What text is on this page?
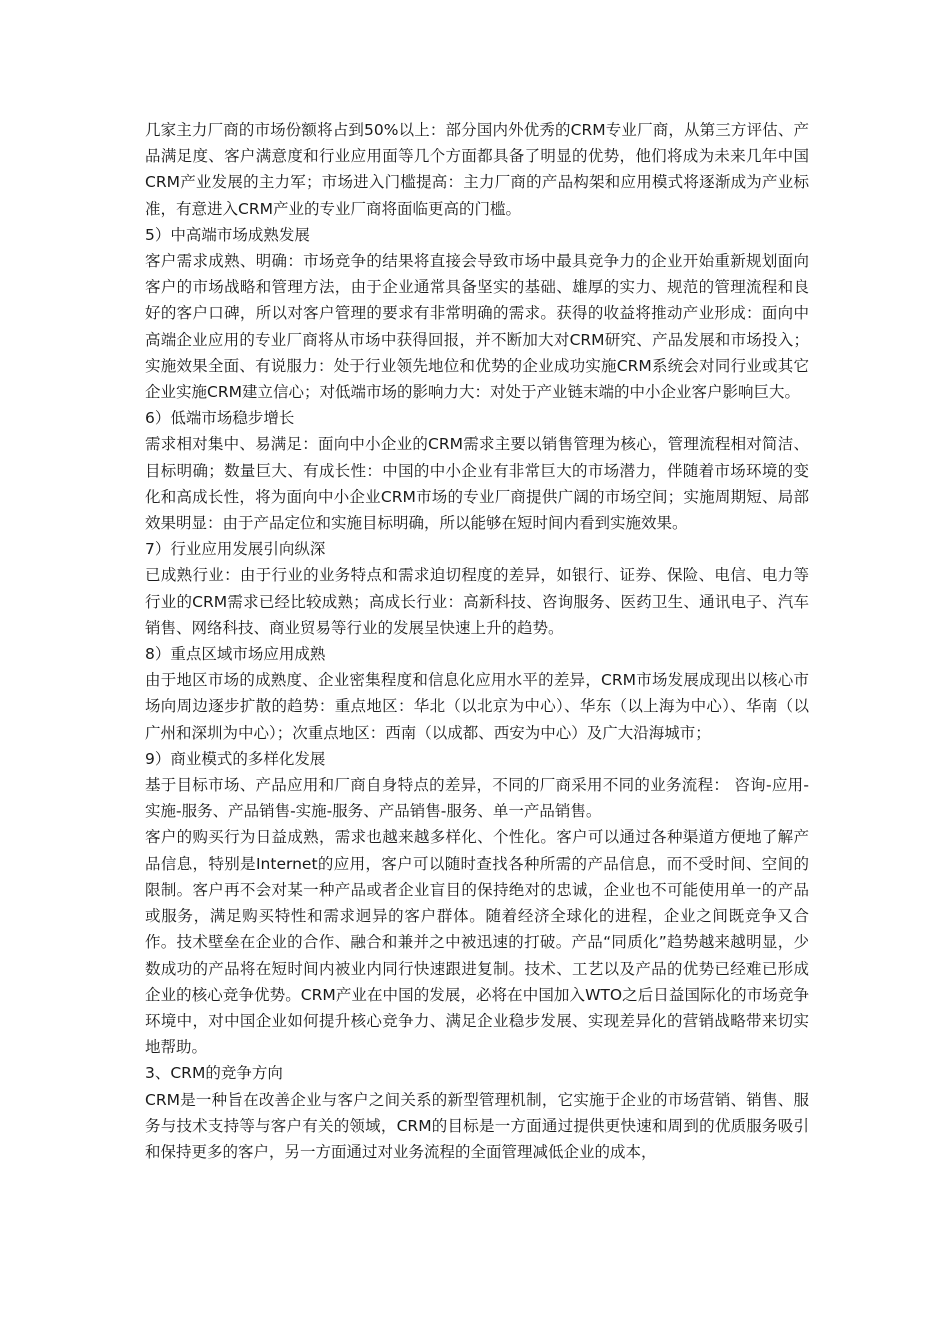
几家主力厂商的市场份额将占到50%以上：部分国内外优秀的CRM专业厂商，从第三方评估、产品满足度、客户满意度和行业应用面等几个方面都具备了明显的优势，他们将成为未来几年中国CRM产业发展的主力军；市场进入门槛提高：主力厂商的产品构架和应用模式将逐渐成为产业标准，有意进入CRM产业的专业厂商将面临更高的门槛。

5）中高端市场成熟发展

客户需求成熟、明确：市场竞争的结果将直接会导致市场中最具竞争力的企业开始重新规划面向客户的市场战略和管理方法，由于企业通常具备坚实的基础、雄厚的实力、规范的管理流程和良好的客户口碑，所以对客户管理的要求有非常明确的需求。获得的收益将推动产业形成：面向中高端企业应用的专业厂商将从市场中获得回报，并不断加大对CRM研究、产品发展和市场投入；实施效果全面、有说服力：处于行业领先地位和优势的企业成功实施CRM系统会对同行业或其它企业实施CRM建立信心；对低端市场的影响力大：对处于产业链末端的中小企业客户影响巨大。

6）低端市场稳步增长

需求相对集中、易满足：面向中小企业的CRM需求主要以销售管理为核心，管理流程相对简洁、目标明确；数量巨大、有成长性：中国的中小企业有非常巨大的市场潜力，伴随着市场环境的变化和高成长性，将为面向中小企业CRM市场的专业厂商提供广阔的市场空间；实施周期短、局部效果明显：由于产品定位和实施目标明确，所以能够在短时间内看到实施效果。

7）行业应用发展引向纵深

已成熟行业：由于行业的业务特点和需求迫切程度的差异，如银行、证券、保险、电信、电力等行业的CRM需求已经比较成熟；高成长行业：高新科技、咨询服务、医药卫生、通讯电子、汽车销售、网络科技、商业贸易等行业的发展呈快速上升的趋势。

8）重点区域市场应用成熟

由于地区市场的成熟度、企业密集程度和信息化应用水平的差异，CRM市场发展成现出以核心市场向周边逐步扩散的趋势：重点地区：华北（以北京为中心）、华东（以上海为中心）、华南（以广州和深圳为中心）；次重点地区：西南（以成都、西安为中心）及广大沿海城市；

9）商业模式的多样化发展

基于目标市场、产品应用和厂商自身特点的差异，不同的厂商采用不同的业务流程： 咨询-应用-实施-服务、产品销售-实施-服务、产品销售-服务、单一产品销售。

客户的购买行为日益成熟，需求也越来越多样化、个性化。客户可以通过各种渠道方便地了解产品信息，特别是Internet的应用，客户可以随时查找各种所需的产品信息，而不受时间、空间的限制。客户再不会对某一种产品或者企业盲目的保持绝对的忠诚，企业也不可能使用单一的产品或服务，满足购买特性和需求迥异的客户群体。随着经济全球化的进程，企业之间既竞争又合作。技术壁垒在企业的合作、融合和兼并之中被迅速的打破。产品“同质化”趋势越来越明显，少数成功的产品将在短时间内被业内同行快速跟进复制。技术、工艺以及产品的优势已经难已形成企业的核心竞争优势。CRM产业在中国的发展，必将在中国加入WTO之后日益国际化的市场竞争环境中，对中国企业如何提升核心竞争力、满足企业稳步发展、实现差异化的营销战略带来切实地帮助。

3、CRM的竞争方向

CRM是一种旨在改善企业与客户之间关系的新型管理机制，它实施于企业的市场营销、销售、服务与技术支持等与客户有关的领域，CRM的目标是一方面通过提供更快速和周到的优质服务吸引和保持更多的客户，另一方面通过对业务流程的全面管理减低企业的成本，
